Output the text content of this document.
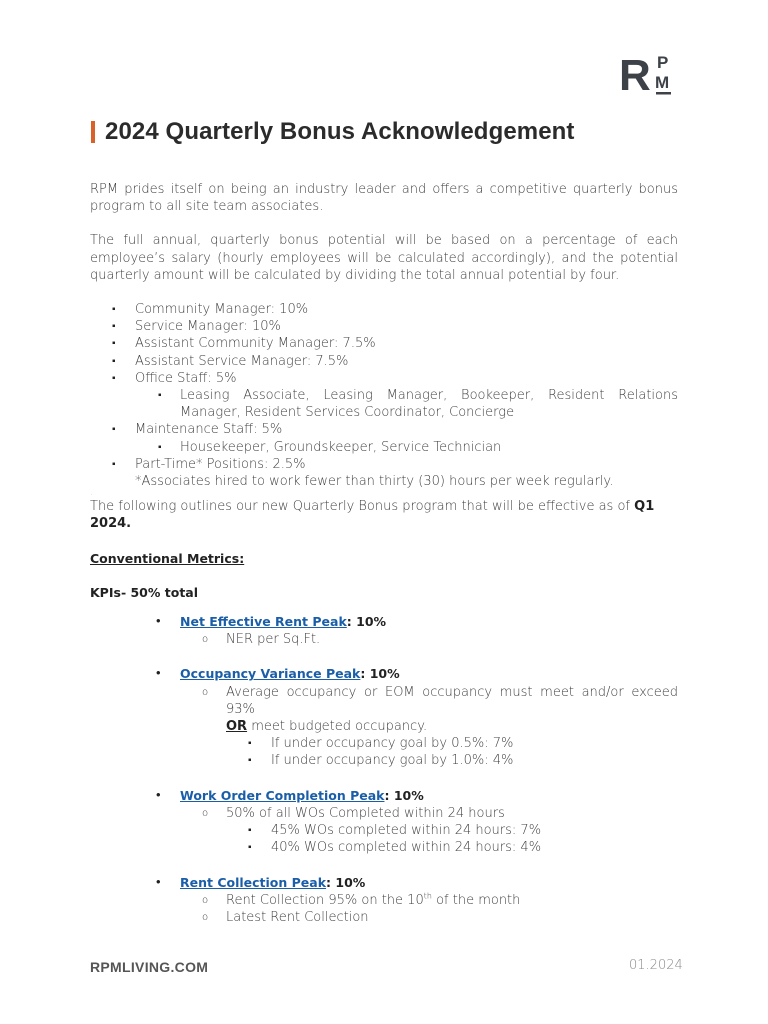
R P
M
2024 Quarterly Bonus Acknowledgement

RPM prides itself on being an industry leader and offers a competitive quarterly bonus program to all site team associates.

The full annual, quarterly bonus potential will be based on a percentage of each employee’s salary (hourly employees will be calculated accordingly), and the potential quarterly amount will be calculated by dividing the total annual potential by four.

▪ Community Manager: 10%
▪ Service Manager: 10%
▪ Assistant Community Manager: 7.5%
▪ Assistant Service Manager: 7.5%
▪ Office Staff: 5%
▪ Leasing Associate, Leasing Manager, Bookeeper, Resident Relations Manager, Resident Services Coordinator, Concierge
▪ Maintenance Staff: 5%
▪ Housekeeper, Groundskeeper, Service Technician
▪ Part-Time* Positions: 2.5%
*Associates hired to work fewer than thirty (30) hours per week regularly.
.

The following outlines our new Quarterly Bonus program that will be effective as of Q1 2024.

Conventional Metrics:
KPIs- 50% total
• Net Effective Rent Peak: 10%
o NER per Sq.Ft.
• Occupancy Variance Peak: 10%
o Average occupancy or EOM occupancy must meet and/or exceed 93%
OR meet budgeted occupancy.
▪ If under occupancy goal by 0.5%: 7%
▪ If under occupancy goal by 1.0%: 4%
• Work Order Completion Peak: 10%
o 50% of all WOs Completed within 24 hours
▪ 45% WOs completed within 24 hours: 7%
▪ 40% WOs completed within 24 hours: 4%
• Rent Collection Peak: 10%
o Rent Collection 95% on the 10th of the month
o Latest Rent Collection
RPMLIVING.COM	01.2024
